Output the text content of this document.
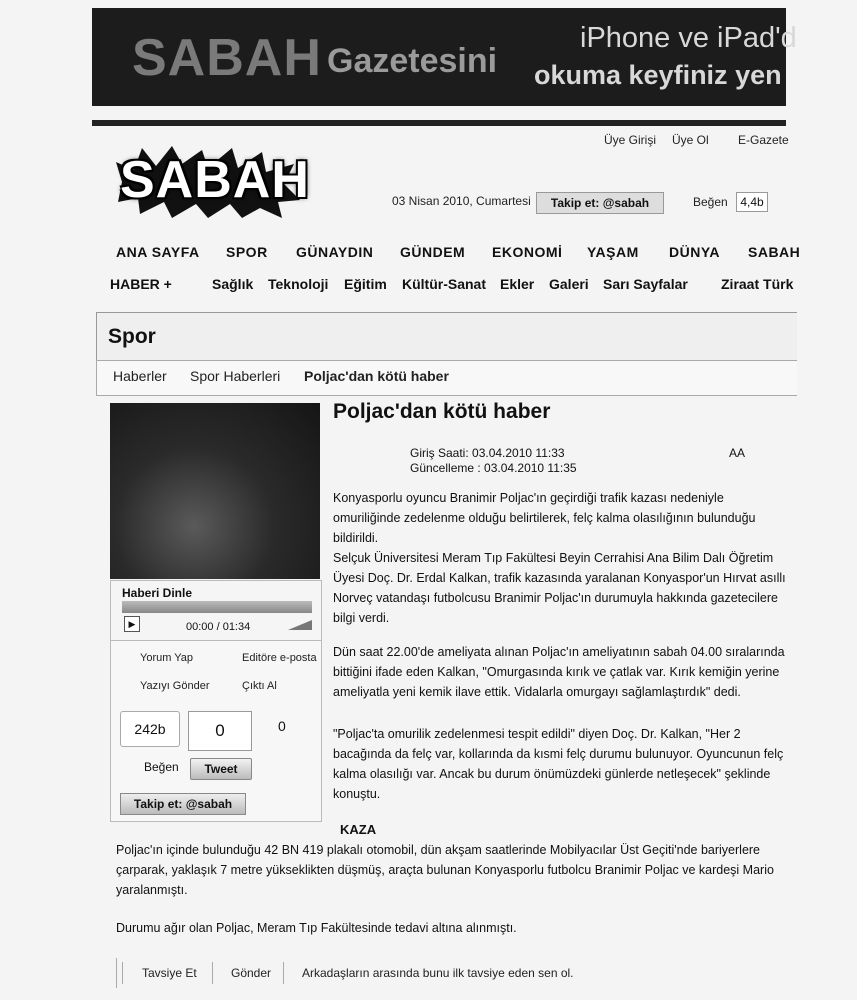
SABAH Gazetesini
iPhone ve iPad'd
okuma keyfiniz yen
SABAH
Üye Girişi Üye Ol E-Gazete
03 Nisan 2010, Cumartesi	Takip et: @sabah	Beğen	4,4b
ANA SAYFA SPOR GÜNAYDIN GÜNDEM EKONOMİ YAŞAM DÜNYA SABAH
HABER +	Sağlık Teknoloji Eğitim Kültür-Sanat Ekler Galeri Sarı Sayfalar Ziraat Türk
Spor
Haberler Spor Haberleri Poljac'dan kötü haber
Haberi Dinle
▶	00:00 / 01:34
Yorum Yap	Editöre e-posta
Yazıyı Gönder	Çıktı Al
242b	0	0
Beğen	Tweet
Takip et: @sabah
Poljac'dan kötü haber
Giriş Saati: 03.04.2010 11:33
Güncelleme : 03.04.2010 11:35
AA
Konyasporlu oyuncu Branimir Poljac'ın geçirdiği trafik kazası nedeniyle omuriliğinde zedelenme olduğu belirtilerek, felç kalma olasılığının bulunduğu bildirildi.
Selçuk Üniversitesi Meram Tıp Fakültesi Beyin Cerrahisi Ana Bilim Dalı Öğretim Üyesi Doç. Dr. Erdal Kalkan, trafik kazasında yaralanan Konyaspor'un Hırvat asıllı Norveç vatandaşı futbolcusu Branimir Poljac'ın durumuyla hakkında gazetecilere bilgi verdi.
Dün saat 22.00'de ameliyata alınan Poljac'ın ameliyatının sabah 04.00 sıralarında bittiğini ifade eden Kalkan, "Omurgasında kırık ve çatlak var. Kırık kemiğin yerine ameliyatla yeni kemik ilave ettik. Vidalarla omurgayı sağlamlaştırdık" dedi.
"Poljac'ta omurilik zedelenmesi tespit edildi" diyen Doç. Dr. Kalkan, "Her 2 bacağında da felç var, kollarında da kısmi felç durumu bulunuyor. Oyuncunun felç kalma olasılığı var. Ancak bu durum önümüzdeki günlerde netleşecek" şeklinde konuştu.
KAZA
Poljac'ın içinde bulunduğu 42 BN 419 plakalı otomobil, dün akşam saatlerinde Mobilyacılar Üst Geçiti'nde bariyerlere çarparak, yaklaşık 7 metre yükseklikten düşmüş, araçta bulunan Konyasporlu futbolcu Branimir Poljac ve kardeşi Mario yaralanmıştı.
Durumu ağır olan Poljac, Meram Tıp Fakültesinde tedavi altına alınmıştı.
Tavsiye Et	Gönder	Arkadaşların arasında bunu ilk tavsiye eden sen ol.
